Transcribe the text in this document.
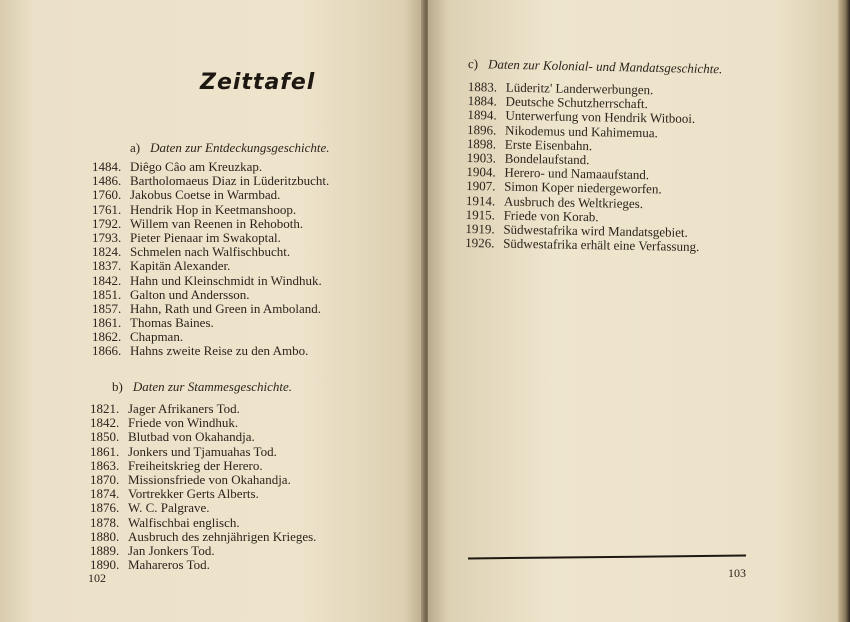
Zeittafel
a) Daten zur Entdeckungsgeschichte.
1484. Diêgo Câo am Kreuzkap.
1486. Bartholomaeus Diaz in Lüderitzbucht.
1760. Jakobus Coetse in Warmbad.
1761. Hendrik Hop in Keetmanshoop.
1792. Willem van Reenen in Rehoboth.
1793. Pieter Pienaar im Swakoptal.
1824. Schmelen nach Walfischbucht.
1837. Kapitän Alexander.
1842. Hahn und Kleinschmidt in Windhuk.
1851. Galton und Andersson.
1857. Hahn, Rath und Green in Amboland.
1861. Thomas Baines.
1862. Chapman.
1866. Hahns zweite Reise zu den Ambo.
b) Daten zur Stammesgeschichte.
1821. Jager Afrikaners Tod.
1842. Friede von Windhuk.
1850. Blutbad von Okahandja.
1861. Jonkers und Tjamuahas Tod.
1863. Freiheitskrieg der Herero.
1870. Missionsfriede von Okahandja.
1874. Vortrekker Gerts Alberts.
1876. W. C. Palgrave.
1878. Walfischbai englisch.
1880. Ausbruch des zehnjährigen Krieges.
1889. Jan Jonkers Tod.
1890. Mahareros Tod.
102
c) Daten zur Kolonial- und Mandatsgeschichte.
1883. Lüderitz' Landerwerbungen.
1884. Deutsche Schutzherrschaft.
1894. Unterwerfung von Hendrik Witbooi.
1896. Nikodemus und Kahimemua.
1898. Erste Eisenbahn.
1903. Bondelaufstand.
1904. Herero- und Namaaufstand.
1907. Simon Koper niedergeworfen.
1914. Ausbruch des Weltkrieges.
1915. Friede von Korab.
1919. Südwestafrika wird Mandatsgebiet.
1926. Südwestafrika erhält eine Verfassung.
103
